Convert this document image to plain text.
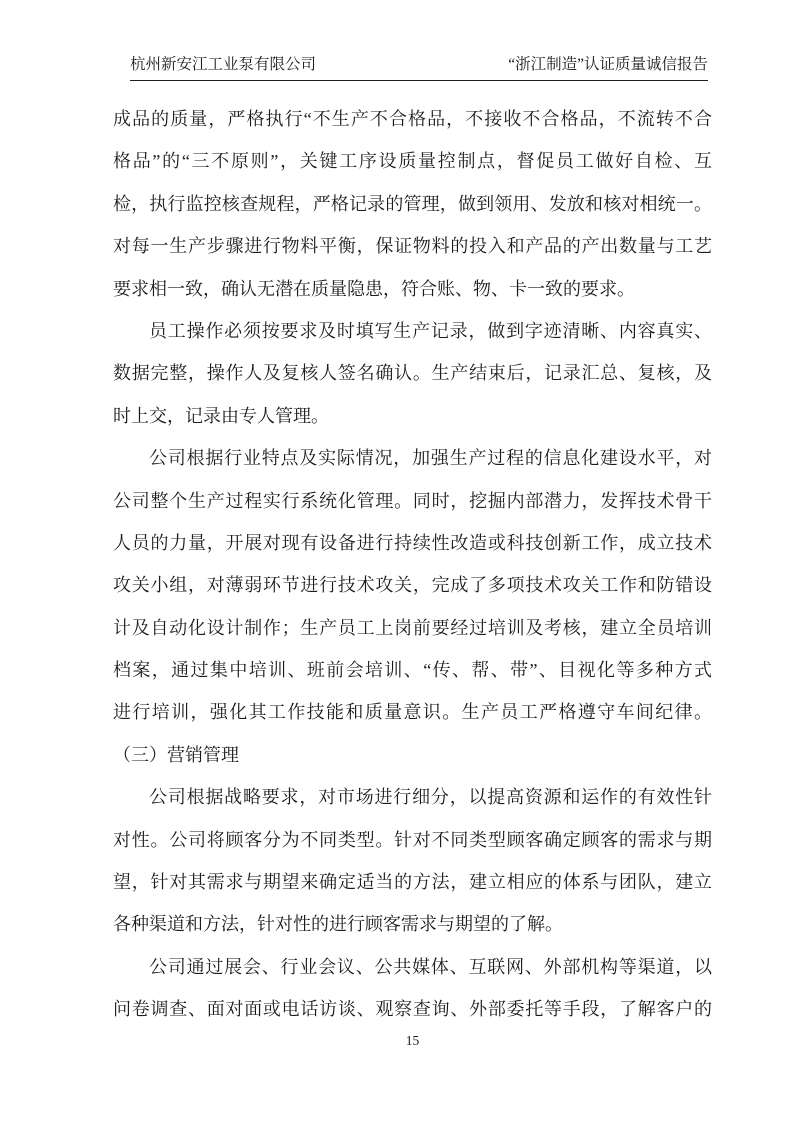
杭州新安江工业泵有限公司	“浙江制造”认证质量诚信报告
成品的质量，严格执行“不生产不合格品，不接收不合格品，不流转不合
格品”的“三不原则”，关键工序设质量控制点，督促员工做好自检、互
检，执行监控核查规程，严格记录的管理，做到领用、发放和核对相统一。
对每一生产步骤进行物料平衡，保证物料的投入和产品的产出数量与工艺
要求相一致，确认无潜在质量隐患，符合账、物、卡一致的要求。
员工操作必须按要求及时填写生产记录，做到字迹清晰、内容真实、
数据完整，操作人及复核人签名确认。生产结束后，记录汇总、复核，及
时上交，记录由专人管理。
公司根据行业特点及实际情况，加强生产过程的信息化建设水平，对
公司整个生产过程实行系统化管理。同时，挖掘内部潜力，发挥技术骨干
人员的力量，开展对现有设备进行持续性改造或科技创新工作，成立技术
攻关小组，对薄弱环节进行技术攻关，完成了多项技术攻关工作和防错设
计及自动化设计制作；生产员工上岗前要经过培训及考核，建立全员培训
档案，通过集中培训、班前会培训、“传、帮、带”、目视化等多种方式
进行培训，强化其工作技能和质量意识。生产员工严格遵守车间纪律。
（三）营销管理
公司根据战略要求，对市场进行细分，以提高资源和运作的有效性针
对性。公司将顾客分为不同类型。针对不同类型顾客确定顾客的需求与期
望，针对其需求与期望来确定适当的方法，建立相应的体系与团队，建立
各种渠道和方法，针对性的进行顾客需求与期望的了解。
公司通过展会、行业会议、公共媒体、互联网、外部机构等渠道，以
问卷调查、面对面或电话访谈、观察查询、外部委托等手段，了解客户的
15
